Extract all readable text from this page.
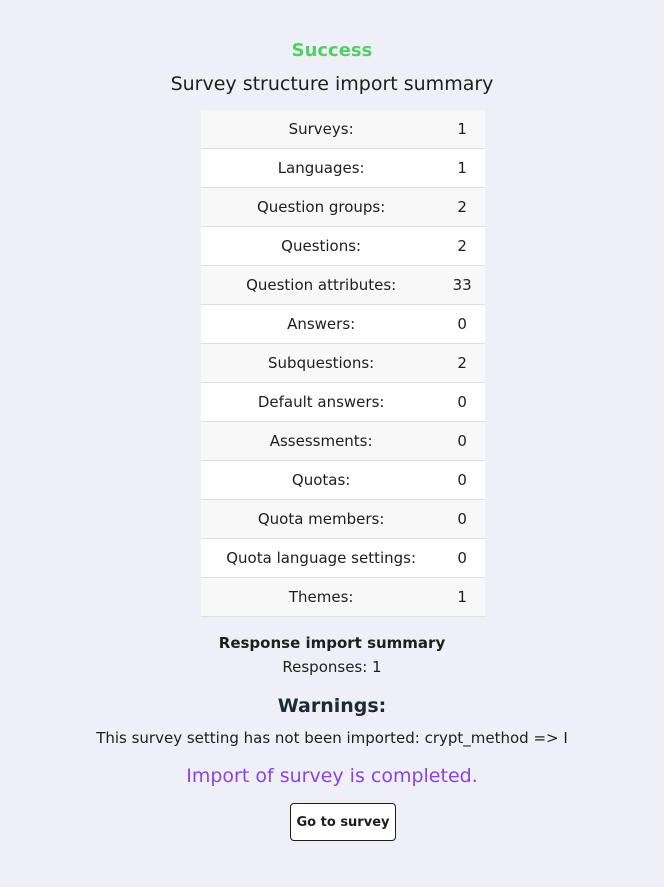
Success
Survey structure import summary
Surveys:	1
Languages:	1
Question groups:	2
Questions:	2
Question attributes:	33
Answers:	0
Subquestions:	2
Default answers:	0
Assessments:	0
Quotas:	0
Quota members:	0
Quota language settings:	0
Themes:	1
Response import summary
Responses: 1
Warnings:
This survey setting has not been imported: crypt_method => I
Import of survey is completed.
Go to survey
